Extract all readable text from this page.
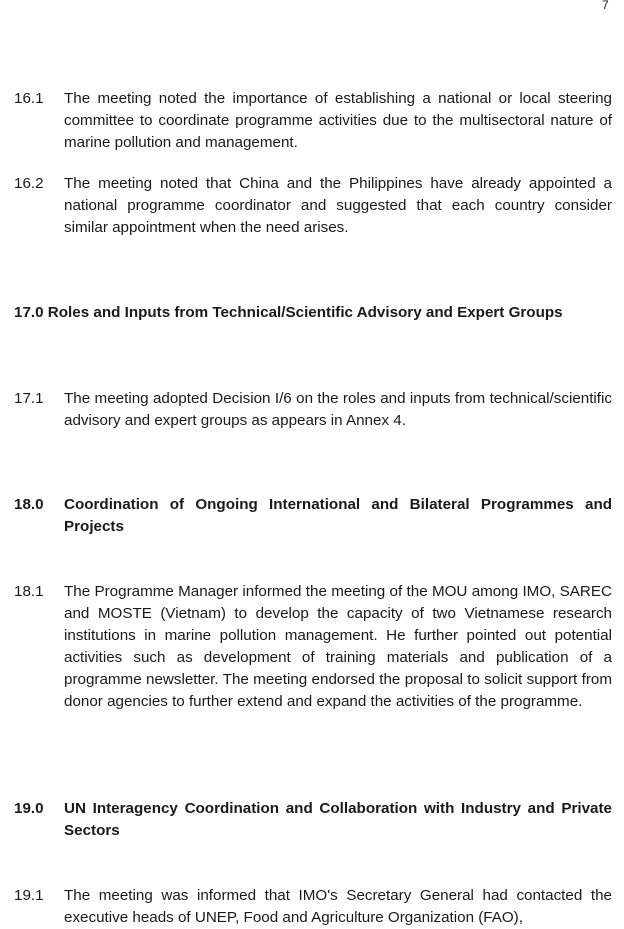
7
16.1 The meeting noted the importance of establishing a national or local steering committee to coordinate programme activities due to the multisectoral nature of marine pollution and management.
16.2 The meeting noted that China and the Philippines have already appointed a national programme coordinator and suggested that each country consider similar appointment when the need arises.
17.0 Roles and Inputs from Technical/Scientific Advisory and Expert Groups
17.1 The meeting adopted Decision I/6 on the roles and inputs from technical/scientific advisory and expert groups as appears in Annex 4.
18.0 Coordination of Ongoing International and Bilateral Programmes and Projects
18.1 The Programme Manager informed the meeting of the MOU among IMO, SAREC and MOSTE (Vietnam) to develop the capacity of two Vietnamese research institutions in marine pollution management. He further pointed out potential activities such as development of training materials and publication of a programme newsletter. The meeting endorsed the proposal to solicit support from donor agencies to further extend and expand the activities of the programme.
19.0 UN Interagency Coordination and Collaboration with Industry and Private Sectors
19.1 The meeting was informed that IMO's Secretary General had contacted the executive heads of UNEP, Food and Agriculture Organization (FAO),
